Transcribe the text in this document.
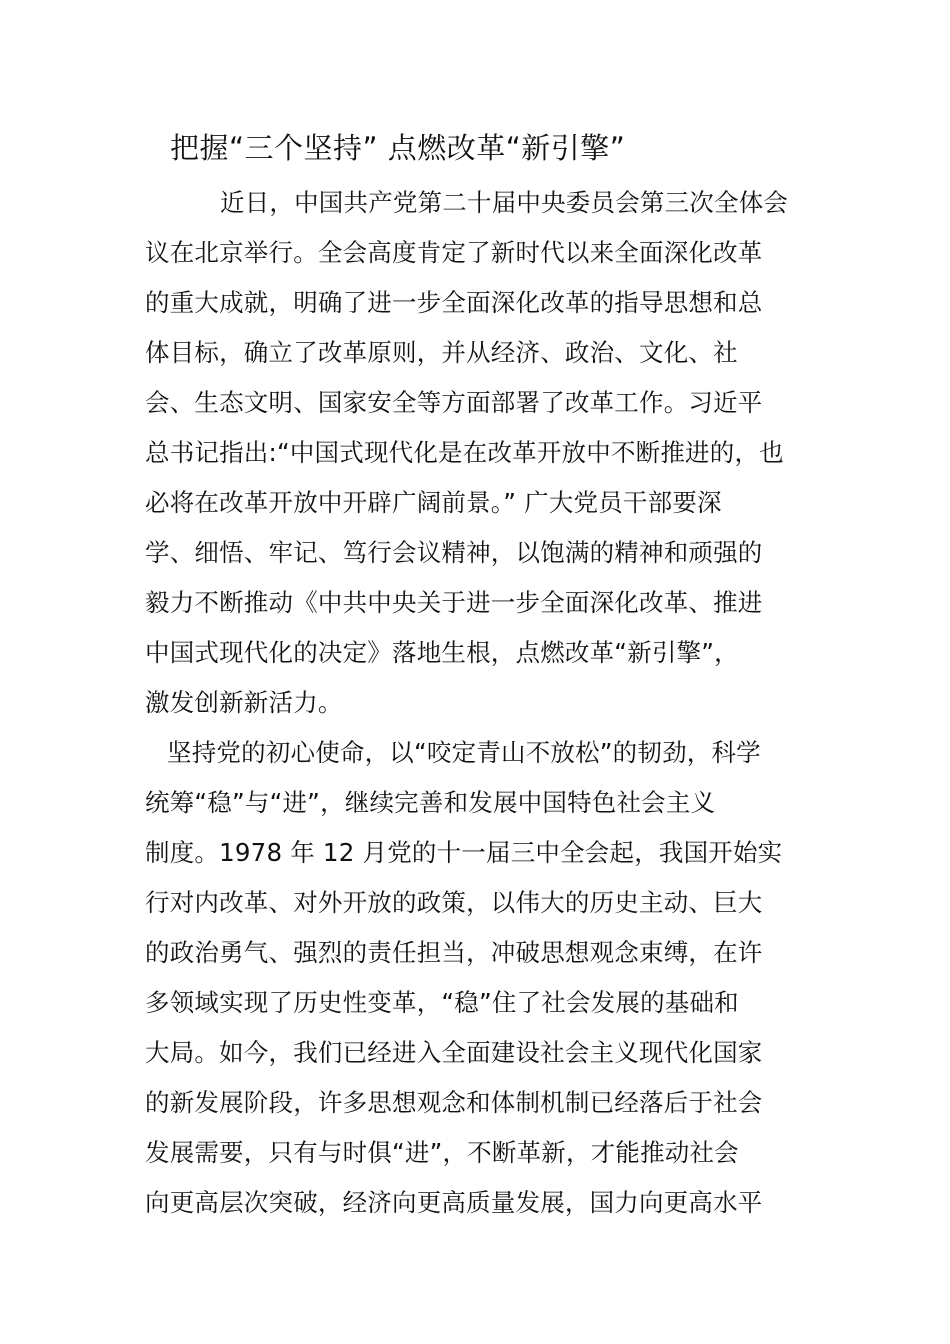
把握“三个坚持” 点燃改革“新引擎”
近日，中国共产党第二十届中央委员会第三次全体会
议在北京举行。全会高度肯定了新时代以来全面深化改革
的重大成就，明确了进一步全面深化改革的指导思想和总
体目标，确立了改革原则，并从经济、政治、文化、社
会、生态文明、国家安全等方面部署了改革工作。习近平
总书记指出:“中国式现代化是在改革开放中不断推进的，也
必将在改革开放中开辟广阔前景。” 广大党员干部要深
学、细悟、牢记、笃行会议精神，以饱满的精神和顽强的
毅力不断推动《中共中央关于进一步全面深化改革、推进
中国式现代化的决定》落地生根，点燃改革“新引擎”，
激发创新新活力。
坚持党的初心使命，以“咬定青山不放松”的韧劲，科学
统筹“稳”与“进”，继续完善和发展中国特色社会主义
制度。1978 年 12 月党的十一届三中全会起，我国开始实
行对内改革、对外开放的政策，以伟大的历史主动、巨大
的政治勇气、强烈的责任担当，冲破思想观念束缚，在许
多领域实现了历史性变革，“稳”住了社会发展的基础和
大局。如今，我们已经进入全面建设社会主义现代化国家
的新发展阶段，许多思想观念和体制机制已经落后于社会
发展需要，只有与时俱“进”，不断革新，才能推动社会
向更高层次突破，经济向更高质量发展，国力向更高水平
